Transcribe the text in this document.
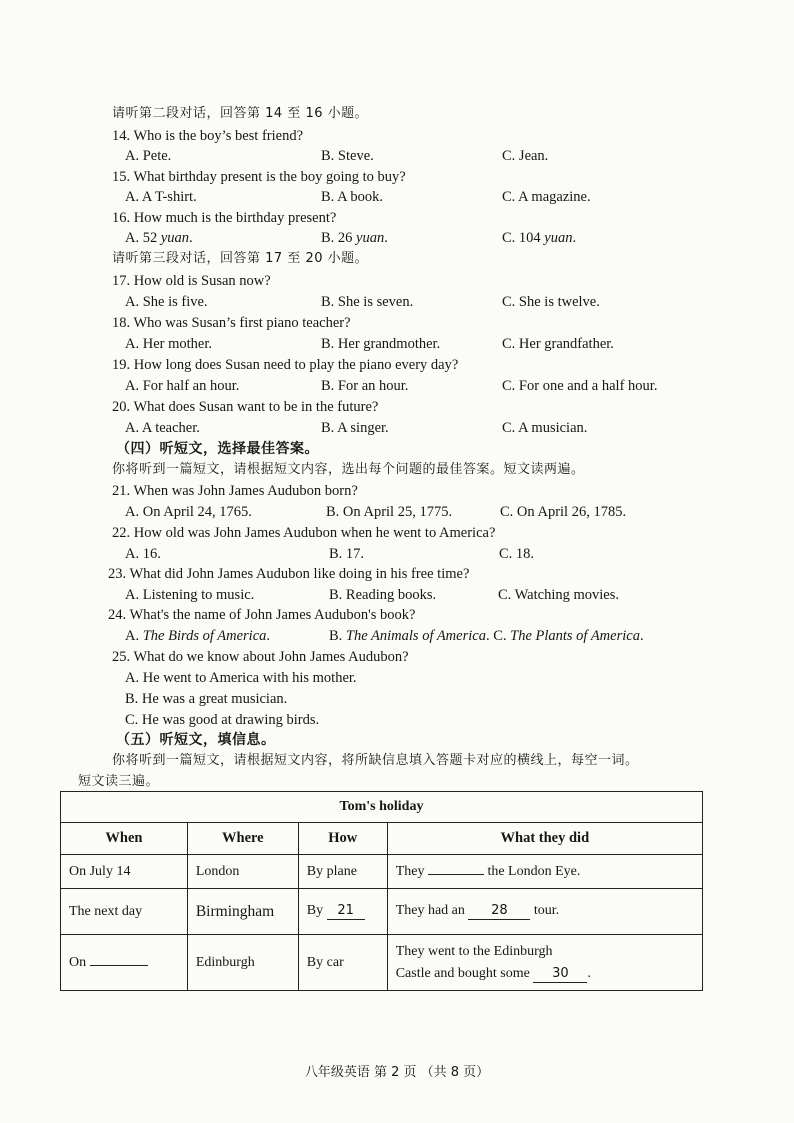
请听第二段对话，回答第 14 至 16 小题。
14. Who is the boy’s best friend?
A. Pete.	B. Steve.	C. Jean.
15. What birthday present is the boy going to buy?
A. A T-shirt.	B. A book.	C. A magazine.
16. How much is the birthday present?
A. 52 yuan.	B. 26 yuan.	C. 104 yuan.
请听第三段对话，回答第 17 至 20 小题。
17. How old is Susan now?
A. She is five.	B. She is seven.	C. She is twelve.
18. Who was Susan’s first piano teacher?
A. Her mother.	B. Her grandmother.	C. Her grandfather.
19. How long does Susan need to play the piano every day?
A. For half an hour.	B. For an hour.	C. For one and a half hour.
20. What does Susan want to be in the future?
A. A teacher.	B. A singer.	C. A musician.
（四）听短文，选择最佳答案。
你将听到一篇短文，请根据短文内容，选出每个问题的最佳答案。短文读两遍。
21. When was John James Audubon born?
A. On April 24, 1765.	B. On April 25, 1775.	C. On April 26, 1785.
22. How old was John James Audubon when he went to America?
A. 16.	B. 17.	C. 18.
23. What did John James Audubon like doing in his free time?
A. Listening to music.	B. Reading books.	C. Watching movies.
24. What's the name of John James Audubon's book?
A. The Birds of America.	B. The Animals of America. C. The Plants of America.
25. What do we know about John James Audubon?
A. He went to America with his mother.
B. He was a great musician.
C. He was good at drawing birds.
（五）听短文，填信息。
你将听到一篇短文，请根据短文内容，将所缺信息填入答题卡对应的横线上，每空一词。
短文读三遍。
Tom's holiday			
When	Where	How	What they did
On July 14	London	By plane	They the London Eye.
The next day	Birmingham	By 21	They had an 28 tour.
On	Edinburgh	By car	They went to the Edinburgh
Castle and bought some 30 .
八年级英语 第 2 页 （共 8 页）
